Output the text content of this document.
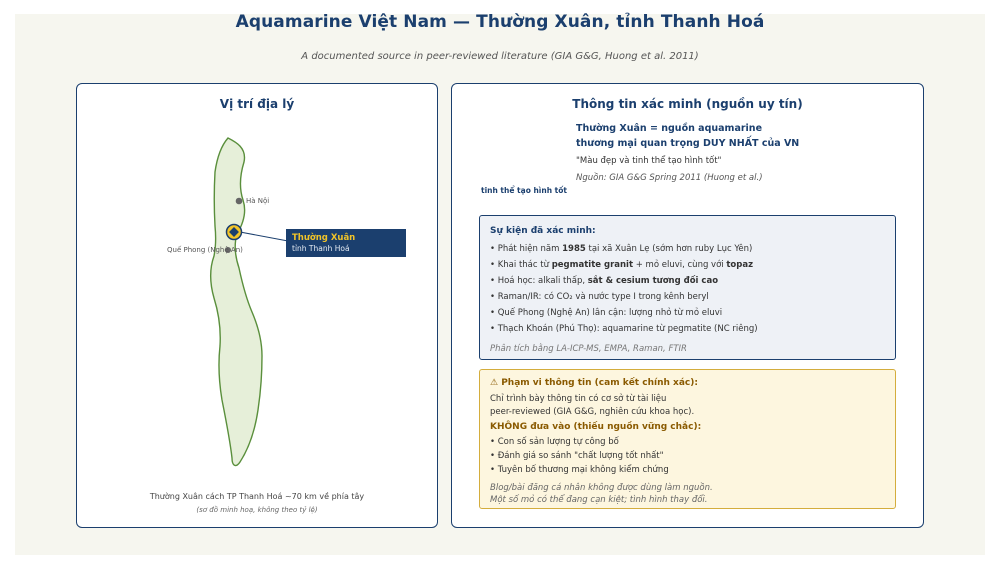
Aquamarine Việt Nam — Thường Xuân, tỉnh Thanh Hoá
A documented source in peer-reviewed literature (GIA G&G, Huong et al. 2011)
Vị trí địa lý
Hà Nội
Quế Phong (Nghệ An)
Thường Xuân
tỉnh Thanh Hoá
Thường Xuân cách TP Thanh Hoá ~70 km về phía tây
(sơ đồ minh hoạ, không theo tỷ lệ)
Thông tin xác minh (nguồn uy tín)
tinh thể tạo hình tốt
Thường Xuân = nguồn aquamarine
thương mại quan trọng DUY NHẤT của VN
"Màu đẹp và tinh thể tạo hình tốt"
Nguồn: GIA G&G Spring 2011 (Huong et al.)
Sự kiện đã xác minh:
• Phát hiện năm 1985 tại xã Xuân Lẹ (sớm hơn ruby Lục Yên)
• Khai thác từ pegmatite granit + mỏ eluvi, cùng với topaz
• Hoá học: alkali thấp, sắt & cesium tương đối cao
• Raman/IR: có CO₂ và nước type I trong kênh beryl
• Quế Phong (Nghệ An) lân cận: lượng nhỏ từ mỏ eluvi
• Thạch Khoán (Phú Thọ): aquamarine từ pegmatite (NC riêng)
Phân tích bằng LA-ICP-MS, EMPA, Raman, FTIR
⚠ Phạm vi thông tin (cam kết chính xác):
Chỉ trình bày thông tin có cơ sở từ tài liệu
peer-reviewed (GIA G&G, nghiên cứu khoa học).
KHÔNG đưa vào (thiếu nguồn vững chắc):
• Con số sản lượng tự công bố
• Đánh giá so sánh "chất lượng tốt nhất"
• Tuyên bố thương mại không kiểm chứng
Blog/bài đăng cá nhân không được dùng làm nguồn.
Một số mỏ có thể đang cạn kiệt; tình hình thay đổi.
